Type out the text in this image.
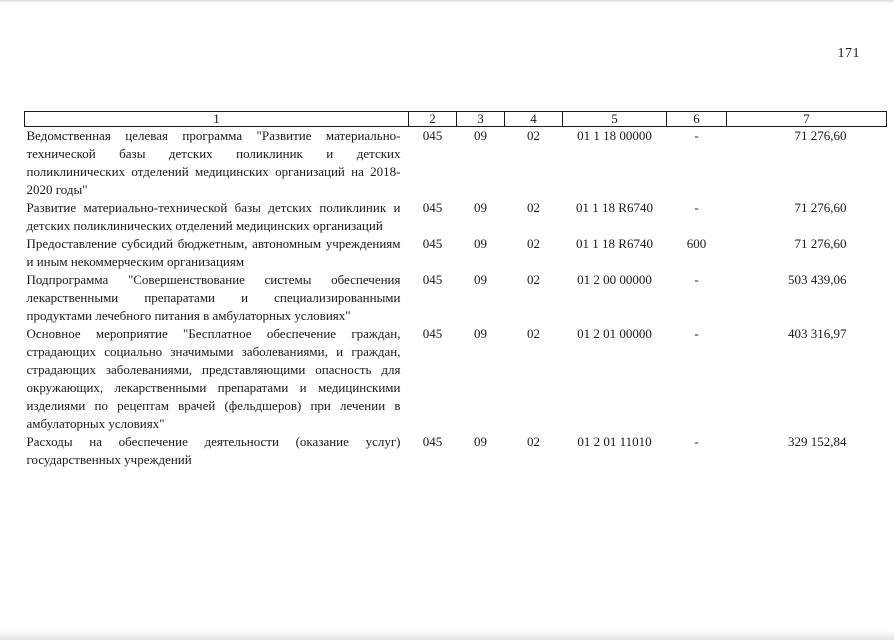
171
1	2	3	4	5	6	7
Ведомственная целевая программа "Развитие материально-технической базы детских поликлиник и детских поликлинических отделений медицинских организаций на 2018-2020 годы"	045	09	02	01 1 18 00000	-	71 276,60
Развитие материально-технической базы детских поликлиник и детских поликлинических отделений медицинских организаций	045	09	02	01 1 18 R6740	-	71 276,60
Предоставление субсидий бюджетным, автономным учреждениям и иным некоммерческим организациям	045	09	02	01 1 18 R6740	600	71 276,60
Подпрограмма "Совершенствование системы обеспечения лекарственными препаратами и специализированными продуктами лечебного питания в амбулаторных условиях"	045	09	02	01 2 00 00000	-	503 439,06
Основное мероприятие "Бесплатное обеспечение граждан, страдающих социально значимыми заболеваниями, и граждан, страдающих заболеваниями, представляющими опасность для окружающих, лекарственными препаратами и медицинскими изделиями по рецептам врачей (фельдшеров) при лечении в амбулаторных условиях"	045	09	02	01 2 01 00000	-	403 316,97
Расходы на обеспечение деятельности (оказание услуг) государственных учреждений	045	09	02	01 2 01 11010	-	329 152,84
